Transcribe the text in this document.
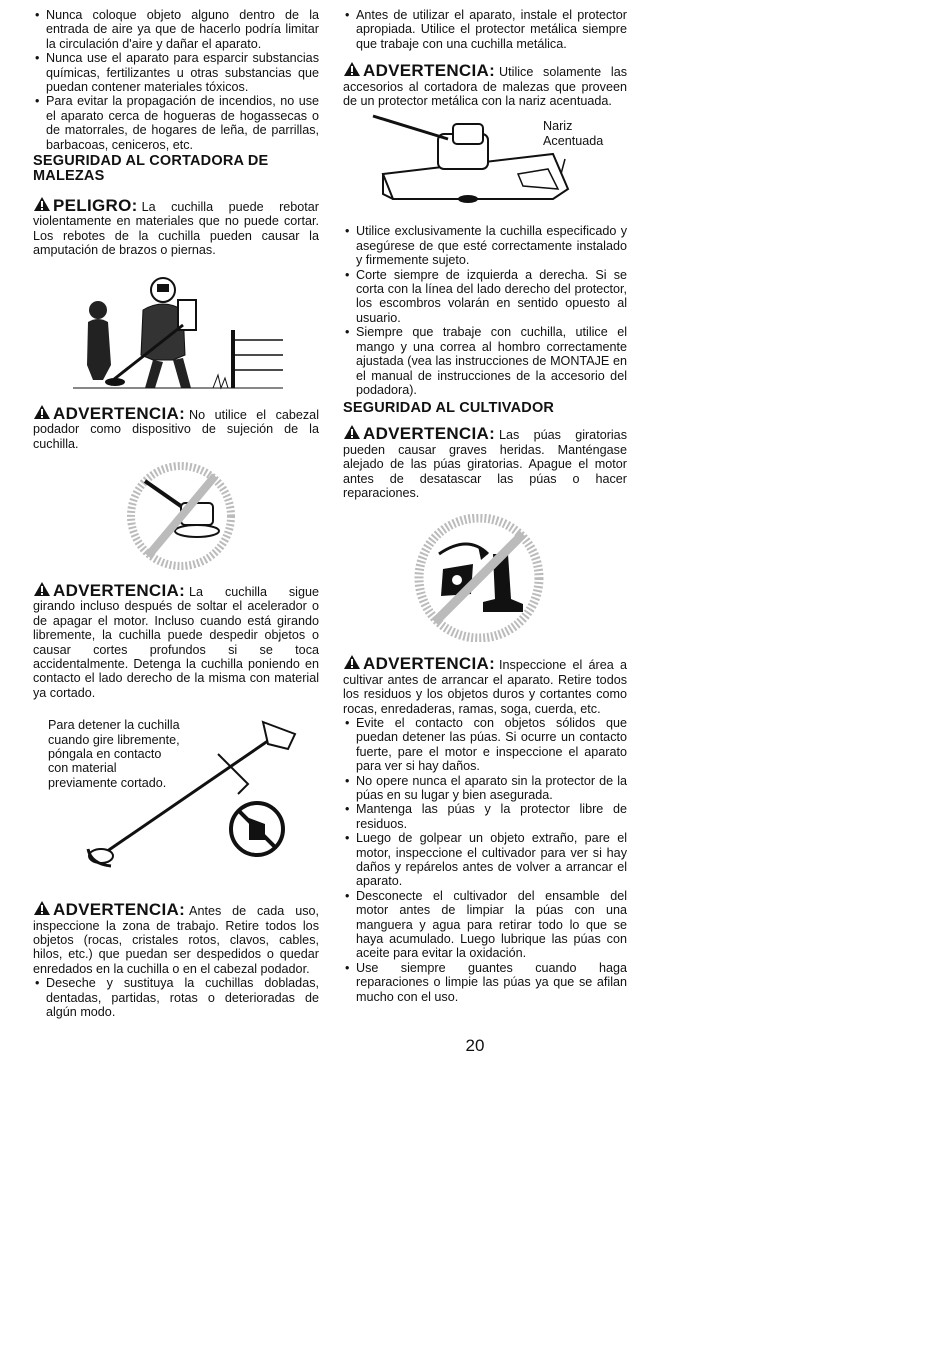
• Nunca coloque objeto alguno dentro de la entrada de aire ya que de hacerlo podría limitar la circulación d'aire y dañar el aparato.
• Nunca use el aparato para esparcir substancias químicas, fertilizantes u otras substancias que puedan contener materiales tóxicos.
• Para evitar la propagación de incendios, no use el aparato cerca de hogueras de hogassecas o de matorrales, de hogares de leña, de parrillas, barbacoas, ceniceros, etc.
SEGURIDAD AL CORTADORA DE MALEZAS

PELIGRO: La cuchilla puede rebotar violentamente en materiales que no puede cortar. Los rebotes de la cuchilla pueden causar la amputación de brazos o piernas.

ADVERTENCIA: No utilice el cabezal podador como dispositivo de sujeción de la cuchilla.

ADVERTENCIA: La cuchilla sigue girando incluso después de soltar el acelerador o de apagar el motor. Incluso cuando está girando libremente, la cuchilla puede despedir objetos o causar cortes profundos si se toca accidentalmente. Detenga la cuchilla poniendo en contacto el lado derecho de la misma con material ya cortado.

Para detener la cuchilla cuando gire libremente, póngala en contacto con material previamente cortado.

ADVERTENCIA: Antes de cada uso, inspeccione la zona de trabajo. Retire todos los objetos (rocas, cristales rotos, clavos, cables, hilos, etc.) que puedan ser despedidos o quedar enredados en la cuchilla o en el cabezal podador.

• Deseche y sustituya la cuchillas dobladas, dentadas, partidas, rotas o deterioradas de algún modo.
• Antes de utilizar el aparato, instale el protector apropiada. Utilice el protector metálica siempre que trabaje con una cuchilla metálica.

ADVERTENCIA: Utilice solamente las accesorios al cortadora de malezas que proveen de un protector metálica con la nariz acentuada.

Nariz
Acentuada
• Utilice exclusivamente la cuchilla especificado y asegúrese de que esté correctamente instalado y firmemente sujeto.
• Corte siempre de izquierda a derecha. Si se corta con la línea del lado derecho del protector, los escombros volarán en sentido opuesto al usuario.
• Siempre que trabaje con cuchilla, utilice el mango y una correa al hombro correctamente ajustada (vea las instrucciones de MONTAJE en el manual de instrucciones de la accesorio del podadora).
SEGURIDAD AL CULTIVADOR

ADVERTENCIA: Las púas giratorias pueden causar graves heridas. Manténgase alejado de las púas giratorias. Apague el motor antes de desatascar las púas o hacer reparaciones.

ADVERTENCIA: Inspeccione el área a cultivar antes de arrancar el aparato. Retire todos los residuos y los objetos duros y cortantes como rocas, enredaderas, ramas, soga, cuerda, etc.

• Evite el contacto con objetos sólidos que puedan detener las púas. Si ocurre un contacto fuerte, pare el motor e inspeccione el aparato para ver si hay daños.
• No opere nunca el aparato sin la protector de la púas en su lugar y bien asegurada.
• Mantenga las púas y la protector libre de residuos.
• Luego de golpear un objeto extraño, pare el motor, inspeccione el cultivador para ver si hay daños y repárelos antes de volver a arrancar el aparato.
• Desconecte el cultivador del ensamble del motor antes de limpiar la púas con una manguera y agua para retirar todo lo que se haya acumulado. Luego lubrique las púas con aceite para evitar la oxidación.
• Use siempre guantes cuando haga reparaciones o limpie las púas ya que se afilan mucho con el uso.
20
